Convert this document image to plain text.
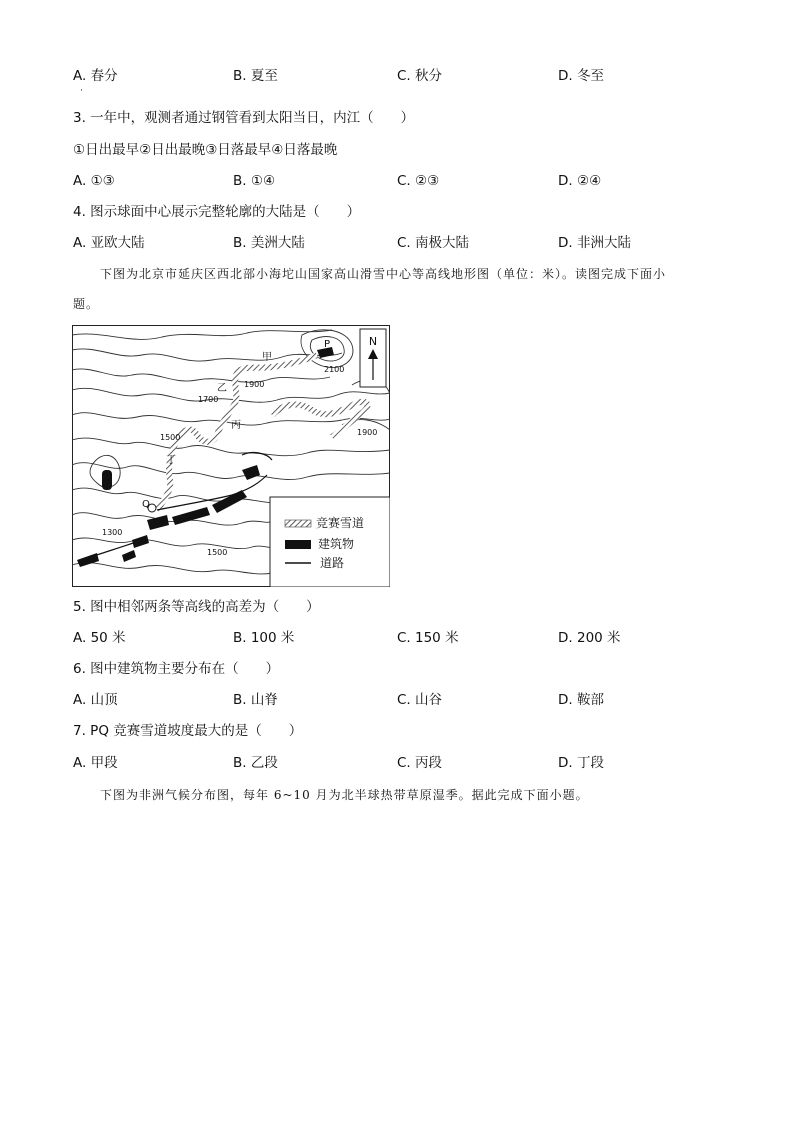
A. 春分	B. 夏至	C. 秋分	D. 冬至
·
3. 一年中，观测者通过钢管看到太阳当日，内江（　　）
①日出最早②日出最晚③日落最早④日落最晚
A. ①③	B. ①④	C. ②③	D. ②④
4. 图示球面中心展示完整轮廓的大陆是（　　）
A. 亚欧大陆	B. 美洲大陆	C. 南极大陆	D. 非洲大陆
下图为北京市延庆区西北部小海坨山国家高山滑雪中心等高线地形图（单位：米）。读图完成下面小
题。
P
Q
甲
乙
丙
丁
2100
1900
1700
1500
1900
1300
1500
N
竞赛雪道
建筑物
道路
5. 图中相邻两条等高线的高差为（　　）
A. 50 米	B. 100 米	C. 150 米	D. 200 米
6. 图中建筑物主要分布在（　　）
A. 山顶	B. 山脊	C. 山谷	D. 鞍部
7. PQ 竞赛雪道坡度最大的是（　　）
A. 甲段	B. 乙段	C. 丙段	D. 丁段
下图为非洲气候分布图，每年 6~10 月为北半球热带草原湿季。据此完成下面小题。
